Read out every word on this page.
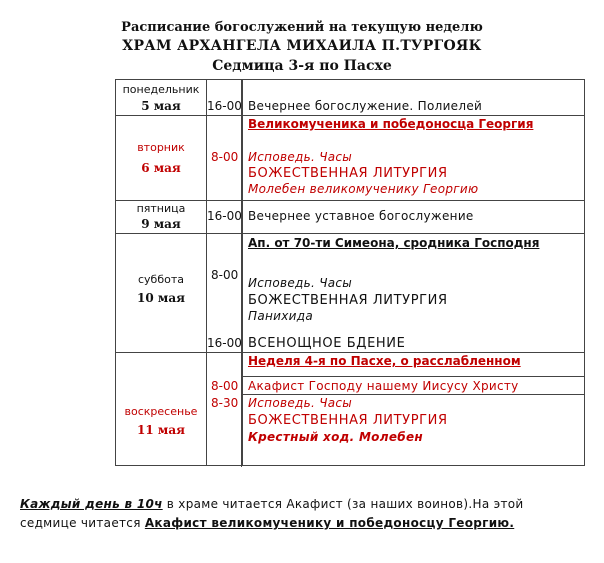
Расписание богослужений на текущую неделю
ХРАМ АРХАНГЕЛА МИХАИЛА П.ТУРГОЯК
Седмица 3-я по Пасхе
понедельник
5 мая	16-00 Вечернее богослужение. Полиелей
вторник
6 мая
Великомученика и победоносца Георгия
8-00 Исповедь. Часы
БОЖЕСТВЕННАЯ ЛИТУРГИЯ
Молебен великомученику Георгию
пятница
9 мая
16-00 Вечернее уставное богослужение
суббота
10 мая
Ап. от 70-ти Симеона, сродника Господня
8-00
Исповедь. Часы
БОЖЕСТВЕННАЯ ЛИТУРГИЯ
Панихида
16-00 ВСЕНОЩНОЕ БДЕНИЕ
воскресенье
11 мая
Неделя 4-я по Пасхе, о расслабленном
8-00
8-30
Акафист Господу нашему Иисусу Христу
Исповедь. Часы
БОЖЕСТВЕННАЯ ЛИТУРГИЯ
Крестный ход. Молебен
Каждый день в 10ч в храме читается Акафист (за наших воинов).На этой
седмице читается Акафист великомученику и победоносцу Георгию.
